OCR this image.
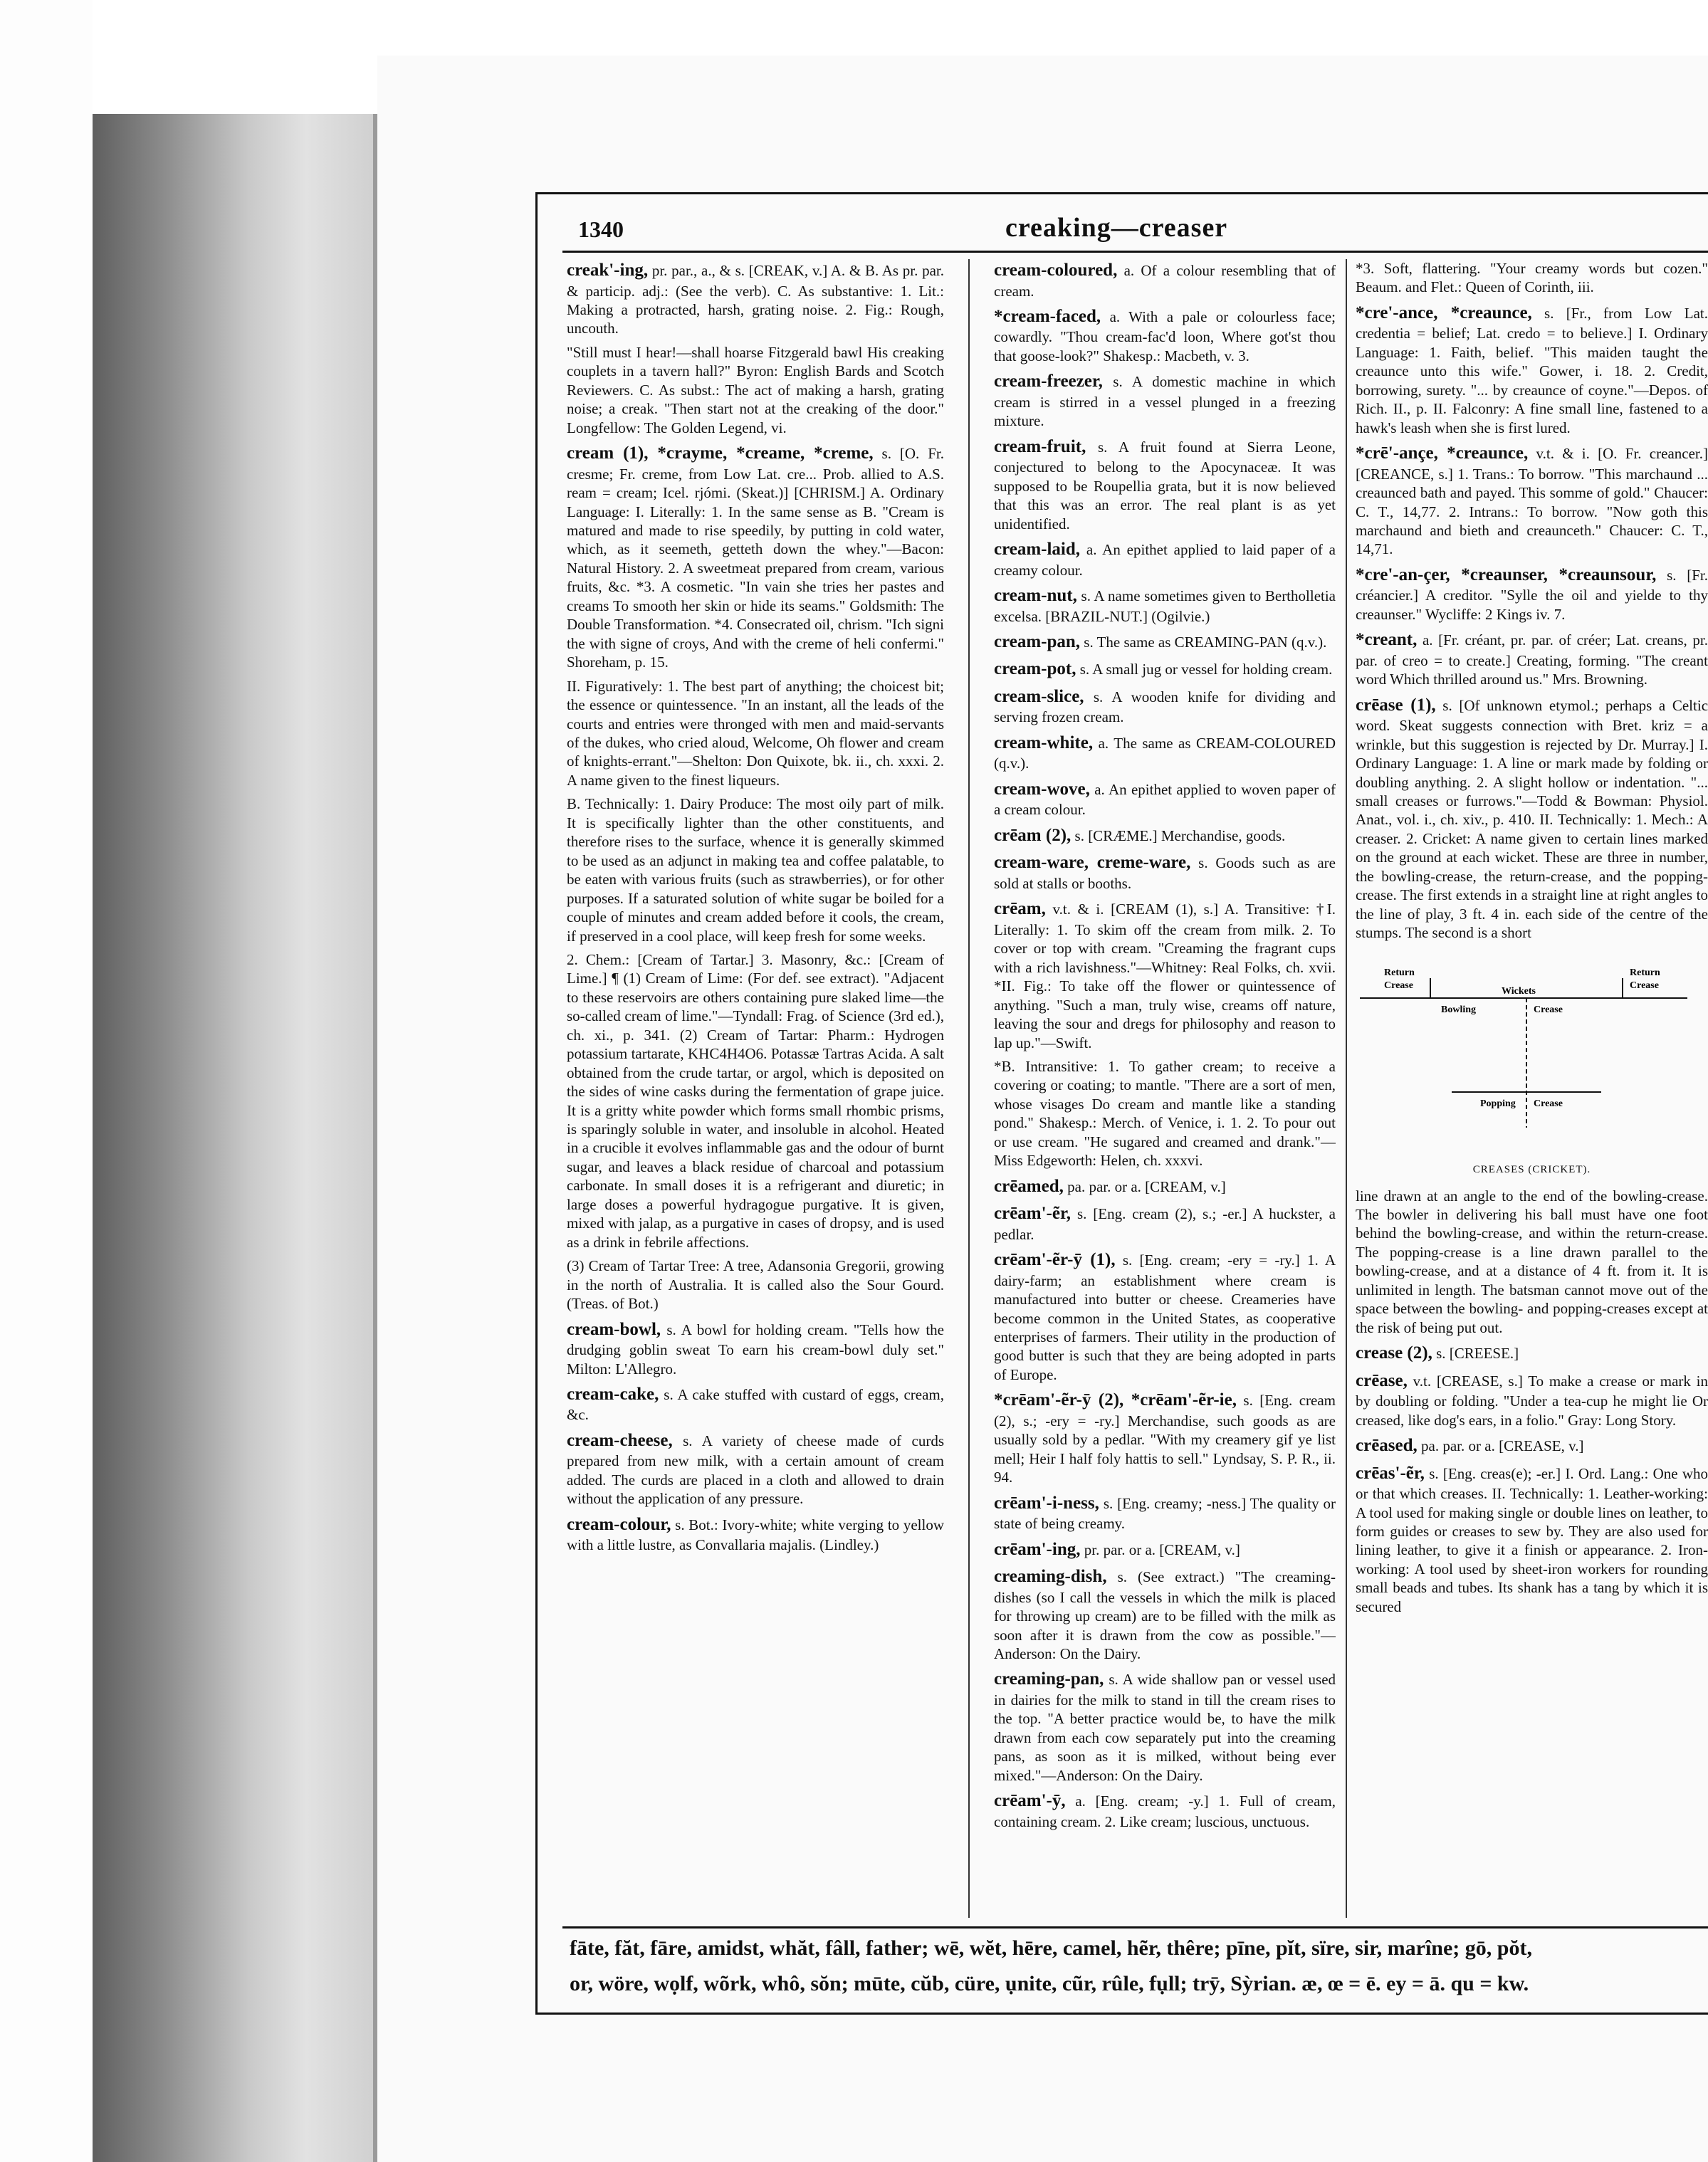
1340	creaking—creaser
creak'-ing, pr. par., a., & s. [CREAK, v.] A. & B. As pr. par. & particip. adj.: (See the verb). C. As substantive: 1. Lit.: Making a protracted, harsh, grating noise. 2. Fig.: Rough, uncouth.
"Still must I hear!—shall hoarse Fitzgerald bawl His creaking couplets in a tavern hall?" Byron: English Bards and Scotch Reviewers. C. As subst.: The act of making a harsh, grating noise; a creak. "Then start not at the creaking of the door." Longfellow: The Golden Legend, vi.
cream (1), *crayme, *creame, *creme, s. [O. Fr. cresme; Fr. creme, from Low Lat. cre... Prob. allied to A.S. ream = cream; Icel. rjómi. (Skeat.)] [CHRISM.] A. Ordinary Language: I. Literally: 1. In the same sense as B. "Cream is matured and made to rise speedily, by putting in cold water, which, as it seemeth, getteth down the whey."—Bacon: Natural History. 2. A sweetmeat prepared from cream, various fruits, &c. *3. A cosmetic. "In vain she tries her pastes and creams To smooth her skin or hide its seams." Goldsmith: The Double Transformation. *4. Consecrated oil, chrism. "Ich signi the with signe of croys, And with the creme of heli confermi." Shoreham, p. 15.
II. Figuratively: 1. The best part of anything; the choicest bit; the essence or quintessence. "In an instant, all the leads of the courts and entries were thronged with men and maid-servants of the dukes, who cried aloud, Welcome, Oh flower and cream of knights-errant."—Shelton: Don Quixote, bk. ii., ch. xxxi. 2. A name given to the finest liqueurs.
B. Technically: 1. Dairy Produce: The most oily part of milk. It is specifically lighter than the other constituents, and therefore rises to the surface, whence it is generally skimmed to be used as an adjunct in making tea and coffee palatable, to be eaten with various fruits (such as strawberries), or for other purposes. If a saturated solution of white sugar be boiled for a couple of minutes and cream added before it cools, the cream, if preserved in a cool place, will keep fresh for some weeks.
2. Chem.: [Cream of Tartar.] 3. Masonry, &c.: [Cream of Lime.] ¶ (1) Cream of Lime: (For def. see extract). "Adjacent to these reservoirs are others containing pure slaked lime—the so-called cream of lime."—Tyndall: Frag. of Science (3rd ed.), ch. xi., p. 341. (2) Cream of Tartar: Pharm.: Hydrogen potassium tartarate, KHC4H4O6. Potassæ Tartras Acida. A salt obtained from the crude tartar, or argol, which is deposited on the sides of wine casks during the fermentation of grape juice. It is a gritty white powder which forms small rhombic prisms, is sparingly soluble in water, and insoluble in alcohol. Heated in a crucible it evolves inflammable gas and the odour of burnt sugar, and leaves a black residue of charcoal and potassium carbonate. In small doses it is a refrigerant and diuretic; in large doses a powerful hydragogue purgative. It is given, mixed with jalap, as a purgative in cases of dropsy, and is used as a drink in febrile affections.
(3) Cream of Tartar Tree: A tree, Adansonia Gregorii, growing in the north of Australia. It is called also the Sour Gourd. (Treas. of Bot.)
cream-bowl, s. A bowl for holding cream. "Tells how the drudging goblin sweat To earn his cream-bowl duly set." Milton: L'Allegro.
cream-cake, s. A cake stuffed with custard of eggs, cream, &c.
cream-cheese, s. A variety of cheese made of curds prepared from new milk, with a certain amount of cream added. The curds are placed in a cloth and allowed to drain without the application of any pressure.
cream-colour, s. Bot.: Ivory-white; white verging to yellow with a little lustre, as Convallaria majalis. (Lindley.)
cream-coloured, a. Of a colour resembling that of cream.
*cream-faced, a. With a pale or colourless face; cowardly. "Thou cream-fac'd loon, Where got'st thou that goose-look?" Shakesp.: Macbeth, v. 3.
cream-freezer, s. A domestic machine in which cream is stirred in a vessel plunged in a freezing mixture.
cream-fruit, s. A fruit found at Sierra Leone, conjectured to belong to the Apocynaceæ. It was supposed to be Roupellia grata, but it is now believed that this was an error. The real plant is as yet unidentified.
cream-laid, a. An epithet applied to laid paper of a creamy colour.
cream-nut, s. A name sometimes given to Bertholletia excelsa. [BRAZIL-NUT.] (Ogilvie.)
cream-pan, s. The same as CREAMING-PAN (q.v.).
cream-pot, s. A small jug or vessel for holding cream.
cream-slice, s. A wooden knife for dividing and serving frozen cream.
cream-white, a. The same as CREAM-COLOURED (q.v.).
cream-wove, a. An epithet applied to woven paper of a cream colour.
crēam (2), s. [CRÆME.] Merchandise, goods.
cream-ware, creme-ware, s. Goods such as are sold at stalls or booths.
crēam, v.t. & i. [CREAM (1), s.] A. Transitive: †I. Literally: 1. To skim off the cream from milk. 2. To cover or top with cream. "Creaming the fragrant cups with a rich lavishness."—Whitney: Real Folks, ch. xvii. *II. Fig.: To take off the flower or quintessence of anything. "Such a man, truly wise, creams off nature, leaving the sour and dregs for philosophy and reason to lap up."—Swift.
*B. Intransitive: 1. To gather cream; to receive a covering or coating; to mantle. "There are a sort of men, whose visages Do cream and mantle like a standing pond." Shakesp.: Merch. of Venice, i. 1. 2. To pour out or use cream. "He sugared and creamed and drank."—Miss Edgeworth: Helen, ch. xxxvi.
crēamed, pa. par. or a. [CREAM, v.]
crēam'-ẽr, s. [Eng. cream (2), s.; -er.] A huckster, a pedlar.
crēam'-ẽr-ȳ (1), s. [Eng. cream; -ery = -ry.] 1. A dairy-farm; an establishment where cream is manufactured into butter or cheese. Creameries have become common in the United States, as cooperative enterprises of farmers. Their utility in the production of good butter is such that they are being adopted in parts of Europe.
*crēam'-ẽr-ȳ (2), *crēam'-ẽr-ie, s. [Eng. cream (2), s.; -ery = -ry.] Merchandise, such goods as are usually sold by a pedlar. "With my creamery gif ye list mell; Heir I half foly hattis to sell." Lyndsay, S. P. R., ii. 94.
crēam'-i-ness, s. [Eng. creamy; -ness.] The quality or state of being creamy.
crēam'-ing, pr. par. or a. [CREAM, v.]
creaming-dish, s. (See extract.) "The creaming-dishes (so I call the vessels in which the milk is placed for throwing up cream) are to be filled with the milk as soon after it is drawn from the cow as possible."—Anderson: On the Dairy.
creaming-pan, s. A wide shallow pan or vessel used in dairies for the milk to stand in till the cream rises to the top. "A better practice would be, to have the milk drawn from each cow separately put into the creaming pans, as soon as it is milked, without being ever mixed."—Anderson: On the Dairy.
crēam'-ȳ, a. [Eng. cream; -y.] 1. Full of cream, containing cream. 2. Like cream; luscious, unctuous.
*3. Soft, flattering. "Your creamy words but cozen." Beaum. and Flet.: Queen of Corinth, iii.
*cre'-ance, *creaunce, s. [Fr., from Low Lat. credentia = belief; Lat. credo = to believe.] I. Ordinary Language: 1. Faith, belief. "This maiden taught the creaunce unto this wife." Gower, i. 18. 2. Credit, borrowing, surety. "... by creaunce of coyne."—Depos. of Rich. II., p. II. Falconry: A fine small line, fastened to a hawk's leash when she is first lured.
*crē'-ançe, *creaunce, v.t. & i. [O. Fr. creancer.] [CREANCE, s.] 1. Trans.: To borrow. "This marchaund ... creaunced bath and payed. This somme of gold." Chaucer: C. T., 14,77. 2. Intrans.: To borrow. "Now goth this marchaund and bieth and creaunceth." Chaucer: C. T., 14,71.
*cre'-an-çer, *creaunser, *creaunsour, s. [Fr. créancier.] A creditor. "Sylle the oil and yielde to thy creaunser." Wycliffe: 2 Kings iv. 7.
*creant, a. [Fr. créant, pr. par. of créer; Lat. creans, pr. par. of creo = to create.] Creating, forming. "The creant word Which thrilled around us." Mrs. Browning.
crēase (1), s. [Of unknown etymol.; perhaps a Celtic word. Skeat suggests connection with Bret. kriz = a wrinkle, but this suggestion is rejected by Dr. Murray.] I. Ordinary Language: 1. A line or mark made by folding or doubling anything. 2. A slight hollow or indentation. "... small creases or furrows."—Todd & Bowman: Physiol. Anat., vol. i., ch. xiv., p. 410. II. Technically: 1. Mech.: A creaser. 2. Cricket: A name given to certain lines marked on the ground at each wicket. These are three in number, the bowling-crease, the return-crease, and the popping-crease. The first extends in a straight line at right angles to the line of play, 3 ft. 4 in. each side of the centre of the stumps. The second is a short
Return
Crease
Wickets
Return
Crease
Bowling	Crease
Popping Crease
CREASES (CRICKET).
line drawn at an angle to the end of the bowling-crease. The bowler in delivering his ball must have one foot behind the bowling-crease, and within the return-crease. The popping-crease is a line drawn parallel to the bowling-crease, and at a distance of 4 ft. from it. It is unlimited in length. The batsman cannot move out of the space between the bowling- and popping-creases except at the risk of being put out.
crease (2), s. [CREESE.]
crēase, v.t. [CREASE, s.] To make a crease or mark in by doubling or folding. "Under a tea-cup he might lie Or creased, like dog's ears, in a folio." Gray: Long Story.
crēased, pa. par. or a. [CREASE, v.]
crēas'-ẽr, s. [Eng. creas(e); -er.] I. Ord. Lang.: One who or that which creases. II. Technically: 1. Leather-working: A tool used for making single or double lines on leather, to form guides or creases to sew by. They are also used for lining leather, to give it a finish or appearance. 2. Iron-working: A tool used by sheet-iron workers for rounding small beads and tubes. Its shank has a tang by which it is secured
fāte, făt, fāre, amidst, whăt, fâll, father; wē, wĕt, hēre, camel, hẽr, thêre; pīne, pĭt, sïre, sir, marîne; gō, pŏt,
or, wöre, wọlf, wõrk, whô, sŏn; mūte, cŭb, cüre, ụnite, cũr, rûle, fụll; trȳ, Sỳrian. æ, œ = ē. ey = ā. qu = kw.
